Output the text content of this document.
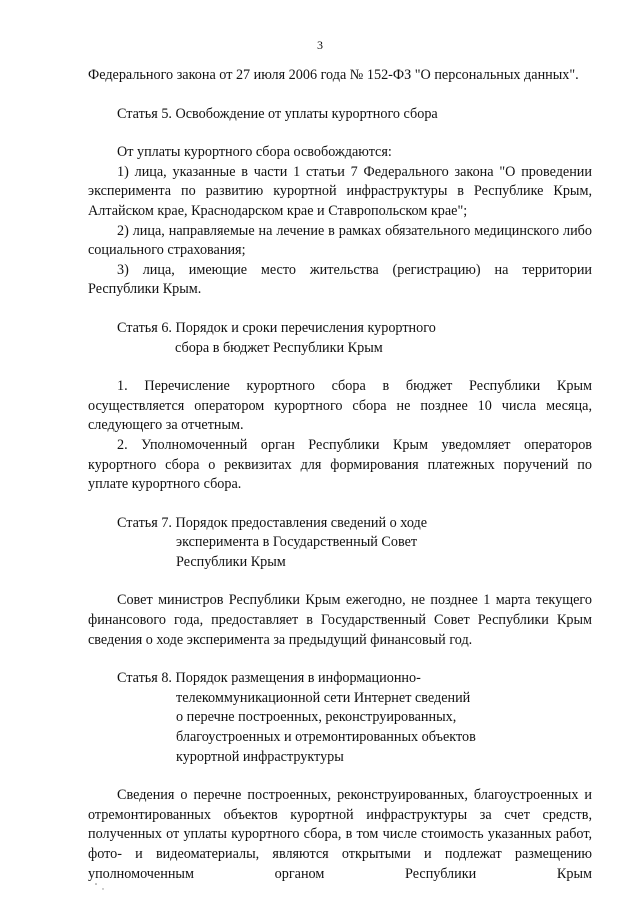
3

Федерального закона от 27 июля 2006 года № 152-ФЗ "О персональных данных".

Статья 5. Освобождение от уплаты курортного сбора

От уплаты курортного сбора освобождаются:

1) лица, указанные в части 1 статьи 7 Федерального закона "О проведении эксперимента по развитию курортной инфраструктуры в Республике Крым, Алтайском крае, Краснодарском крае и Ставропольском крае";

2) лица, направляемые на лечение в рамках обязательного медицинского либо социального страхования;

3) лица, имеющие место жительства (регистрацию) на территории Республики Крым.

Статья 6. Порядок и сроки перечисления курортного
сбора в бюджет Республики Крым

1. Перечисление курортного сбора в бюджет Республики Крым осуществляется оператором курортного сбора не позднее 10 числа месяца, следующего за отчетным.

2. Уполномоченный орган Республики Крым уведомляет операторов курортного сбора о реквизитах для формирования платежных поручений по уплате курортного сбора.

Статья 7. Порядок предоставления сведений о ходе
эксперимента в Государственный Совет
Республики Крым

Совет министров Республики Крым ежегодно, не позднее 1 марта текущего финансового года, предоставляет в Государственный Совет Республики Крым сведения о ходе эксперимента за предыдущий финансовый год.

Статья 8. Порядок размещения в информационно-
телекоммуникационной сети Интернет сведений
о перечне построенных, реконструированных,
благоустроенных и отремонтированных объектов
курортной инфраструктуры

Сведения о перечне построенных, реконструированных, благоустроенных и отремонтированных объектов курортной инфраструктуры за счет средств, полученных от уплаты курортного сбора, в том числе стоимость указанных работ, фото- и видеоматериалы, являются открытыми и подлежат размещению уполномоченным органом Республики Крым
